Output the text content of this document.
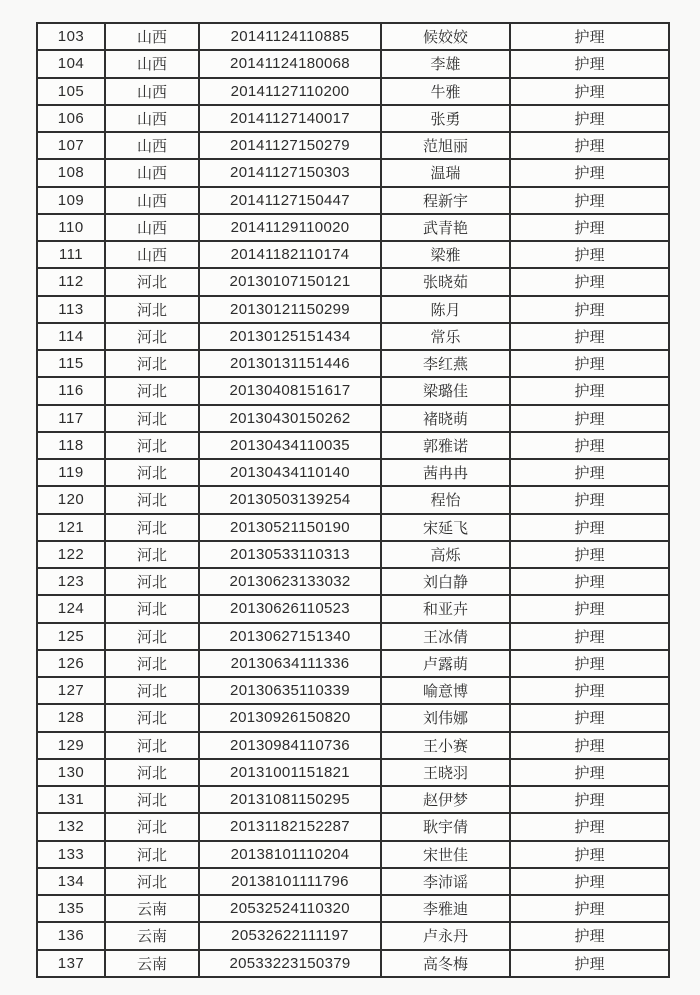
103	山西	20141124110885	候姣姣	护理
104	山西	20141124180068	李雄	护理
105	山西	20141127110200	牛雅	护理
106	山西	20141127140017	张勇	护理
107	山西	20141127150279	范旭丽	护理
108	山西	20141127150303	温瑞	护理
109	山西	20141127150447	程新宇	护理
110	山西	20141129110020	武青艳	护理
111	山西	20141182110174	梁雅	护理
112	河北	20130107150121	张晓茹	护理
113	河北	20130121150299	陈月	护理
114	河北	20130125151434	常乐	护理
115	河北	20130131151446	李红燕	护理
116	河北	20130408151617	梁璐佳	护理
117	河北	20130430150262	褚晓萌	护理
118	河北	20130434110035	郭雅诺	护理
119	河北	20130434110140	茜冉冉	护理
120	河北	20130503139254	程怡	护理
121	河北	20130521150190	宋延飞	护理
122	河北	20130533110313	高烁	护理
123	河北	20130623133032	刘白静	护理
124	河北	20130626110523	和亚卉	护理
125	河北	20130627151340	王冰倩	护理
126	河北	20130634111336	卢露萌	护理
127	河北	20130635110339	喻意博	护理
128	河北	20130926150820	刘伟娜	护理
129	河北	20130984110736	王小赛	护理
130	河北	20131001151821	王晓羽	护理
131	河北	20131081150295	赵伊梦	护理
132	河北	20131182152287	耿宇倩	护理
133	河北	20138101110204	宋世佳	护理
134	河北	20138101111796	李沛谣	护理
135	云南	20532524110320	李雅迪	护理
136	云南	20532622111197	卢永丹	护理
137	云南	20533223150379	高冬梅	护理
